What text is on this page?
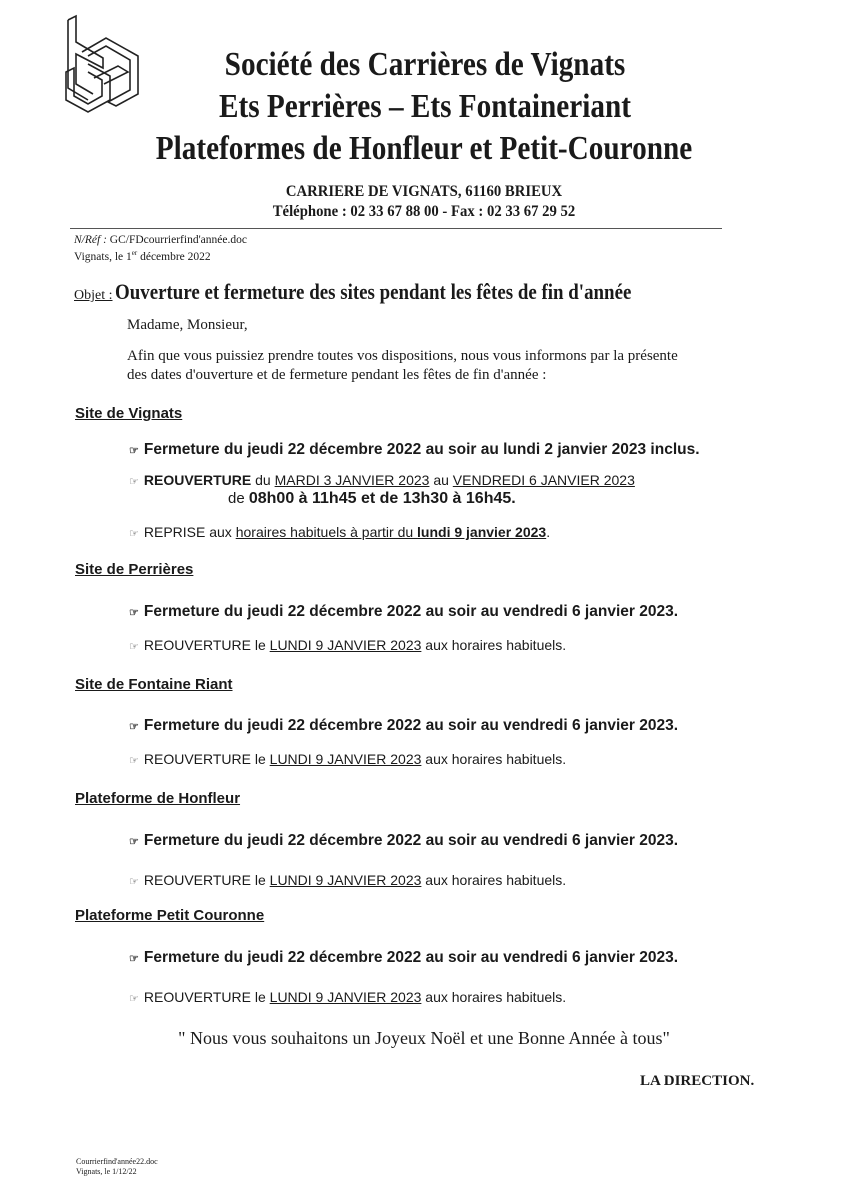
Société des Carrières de Vignats
Ets Perrières – Ets Fontaineriant
Plateformes de Honfleur et Petit-Couronne
CARRIERE DE VIGNATS, 61160 BRIEUX
Téléphone : 02 33 67 88 00 - Fax : 02 33 67 29 52
N/Réf : GC/FDcourrierfind'année.doc
Vignats, le 1er décembre 2022
Objet :Ouverture et fermeture des sites pendant les fêtes de fin d'année
Madame, Monsieur,
Afin que vous puissiez prendre toutes vos dispositions, nous vous informons par la présente
des dates d'ouverture et de fermeture pendant les fêtes de fin d'année :
Site de Vignats
☞ Fermeture du jeudi 22 décembre 2022 au soir au lundi 2 janvier 2023 inclus.
☞ REOUVERTURE du MARDI 3 JANVIER 2023 au VENDREDI 6 JANVIER 2023
de 08h00 à 11h45 et de 13h30 à 16h45.
☞ REPRISE aux horaires habituels à partir du lundi 9 janvier 2023.
Site de Perrières
☞ Fermeture du jeudi 22 décembre 2022 au soir au vendredi 6 janvier 2023.
☞ REOUVERTURE le LUNDI 9 JANVIER 2023 aux horaires habituels.
Site de Fontaine Riant
☞ Fermeture du jeudi 22 décembre 2022 au soir au vendredi 6 janvier 2023.
☞ REOUVERTURE le LUNDI 9 JANVIER 2023 aux horaires habituels.
Plateforme de Honfleur
☞ Fermeture du jeudi 22 décembre 2022 au soir au vendredi 6 janvier 2023.
☞ REOUVERTURE le LUNDI 9 JANVIER 2023 aux horaires habituels.
Plateforme Petit Couronne
☞ Fermeture du jeudi 22 décembre 2022 au soir au vendredi 6 janvier 2023.
☞ REOUVERTURE le LUNDI 9 JANVIER 2023 aux horaires habituels.
" Nous vous souhaitons un Joyeux Noël et une Bonne Année à tous"
LA DIRECTION.
Courrierfind'année22.doc
Vignats, le 1/12/22
